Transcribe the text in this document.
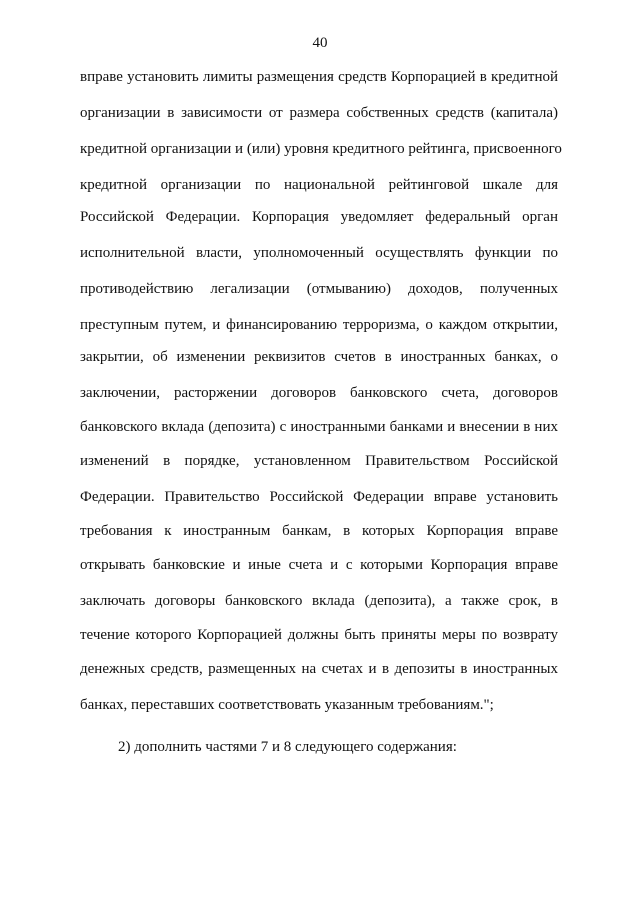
40
вправе установить лимиты размещения средств Корпорацией в кредитной
организации в зависимости от размера собственных средств (капитала)
кредитной организации и (или) уровня кредитного рейтинга, присвоенного
кредитной организации по национальной рейтинговой шкале для
Российской Федерации. Корпорация уведомляет федеральный орган
исполнительной власти, уполномоченный осуществлять функции по
противодействию легализации (отмыванию) доходов, полученных
преступным путем, и финансированию терроризма, о каждом открытии,
закрытии, об изменении реквизитов счетов в иностранных банках, о
заключении, расторжении договоров банковского счета, договоров
банковского вклада (депозита) с иностранными банками и внесении в них
изменений в порядке, установленном Правительством Российской
Федерации. Правительство Российской Федерации вправе установить
требования к иностранным банкам, в которых Корпорация вправе
открывать банковские и иные счета и с которыми Корпорация вправе
заключать договоры банковского вклада (депозита), а также срок, в
течение которого Корпорацией должны быть приняты меры по возврату
денежных средств, размещенных на счетах и в депозиты в иностранных
банках, переставших соответствовать указанным требованиям.";
2) дополнить частями 7 и 8 следующего содержания:
